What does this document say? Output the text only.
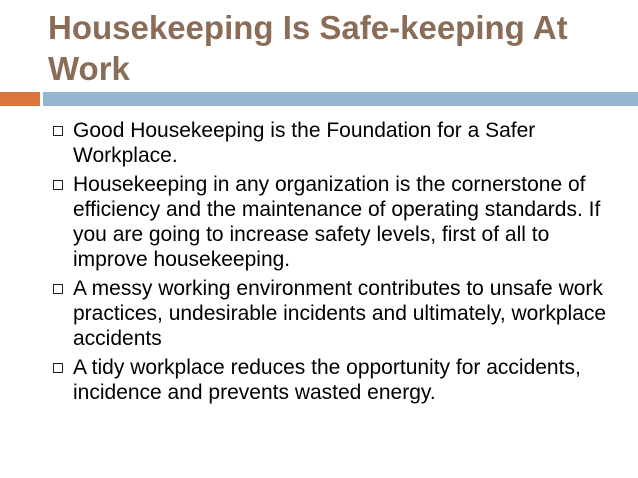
Housekeeping Is Safe-keeping At Work
Good Housekeeping is the Foundation for a Safer Workplace.
Housekeeping in any organization is the cornerstone of efficiency and the maintenance of operating standards. If you are going to increase safety levels, first of all to improve housekeeping.
A messy working environment contributes to unsafe work practices, undesirable incidents and ultimately, workplace accidents
A tidy workplace reduces the opportunity for accidents, incidence and prevents wasted energy.
